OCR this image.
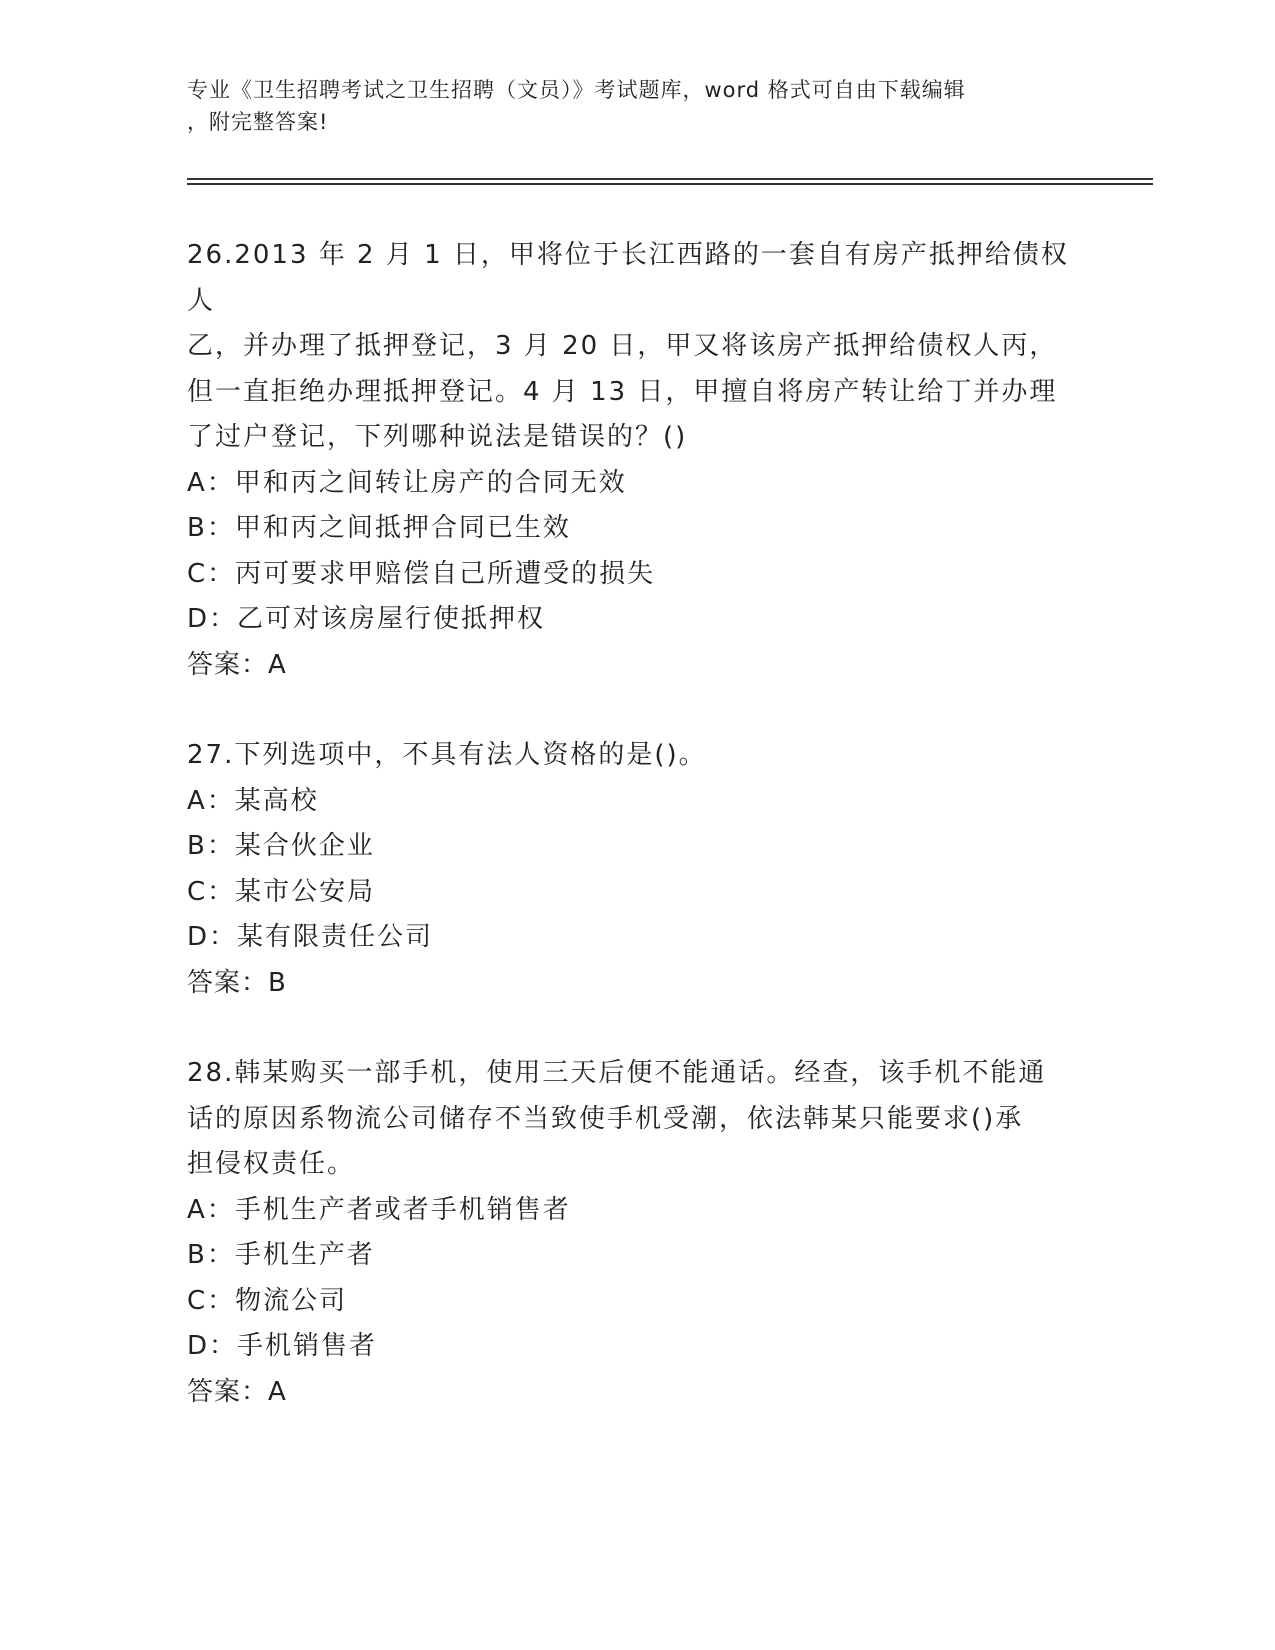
专业《卫生招聘考试之卫生招聘（文员）》考试题库，word 格式可自由下载编辑
，附完整答案!
26.2013 年 2 月 1 日，甲将位于长江西路的一套自有房产抵押给债权人
乙，并办理了抵押登记，3 月 20 日，甲又将该房产抵押给债权人丙，
但一直拒绝办理抵押登记。4 月 13 日，甲擅自将房产转让给丁并办理
了过户登记，下列哪种说法是错误的？()
A：甲和丙之间转让房产的合同无效
B：甲和丙之间抵押合同已生效
C：丙可要求甲赔偿自己所遭受的损失
D：乙可对该房屋行使抵押权
答案：A
27.下列选项中，不具有法人资格的是()。
A：某高校
B：某合伙企业
C：某市公安局
D：某有限责任公司
答案：B
28.韩某购买一部手机，使用三天后便不能通话。经查，该手机不能通
话的原因系物流公司储存不当致使手机受潮，依法韩某只能要求()承
担侵权责任。
A：手机生产者或者手机销售者
B：手机生产者
C：物流公司
D：手机销售者
答案：A
